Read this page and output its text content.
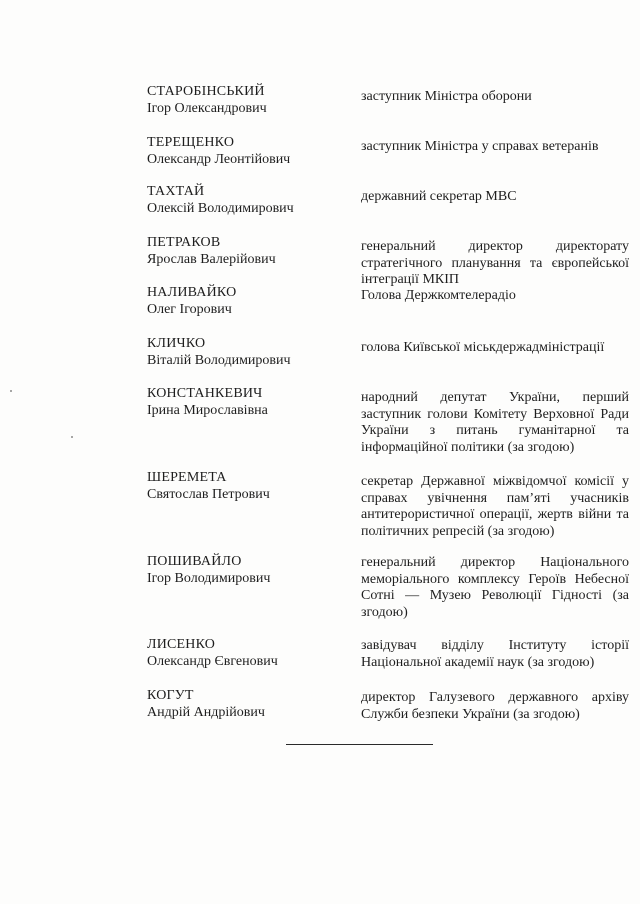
СТАРОБІНСЬКИЙ
Ігор Олександрович
заступник Міністра оборони
ТЕРЕЩЕНКО
Олександр Леонтійович
заступник Міністра у справах ветеранів
ТАХТАЙ
Олексій Володимирович
державний секретар МВС
ПЕТРАКОВ
Ярослав Валерійович
генеральний директор директорату стратегічного планування та європейської інтеграції МКІП
НАЛИВАЙКО
Олег Ігорович
Голова Держкомтелерадіо
КЛИЧКО
Віталій Володимирович
голова Київської міськдержадміністрації
КОНСТАНКЕВИЧ
Ірина Мирославівна
народний депутат України, перший заступник голови Комітету Верховної Ради України з питань гуманітарної та інформаційної політики (за згодою)
ШЕРЕМЕТА
Святослав Петрович
секретар Державної міжвідомчої комісії у справах увічнення пам’яті учасників антитерористичної операції, жертв війни та політичних репресій (за згодою)
ПОШИВАЙЛО
Ігор Володимирович
генеральний директор Національного меморіального комплексу Героїв Небесної Сотні — Музею Революції Гідності (за згодою)
ЛИСЕНКО
Олександр Євгенович
завідувач відділу Інституту історії Національної академії наук (за згодою)
КОГУТ
Андрій Андрійович
директор Галузевого державного архіву Служби безпеки України (за згодою)
